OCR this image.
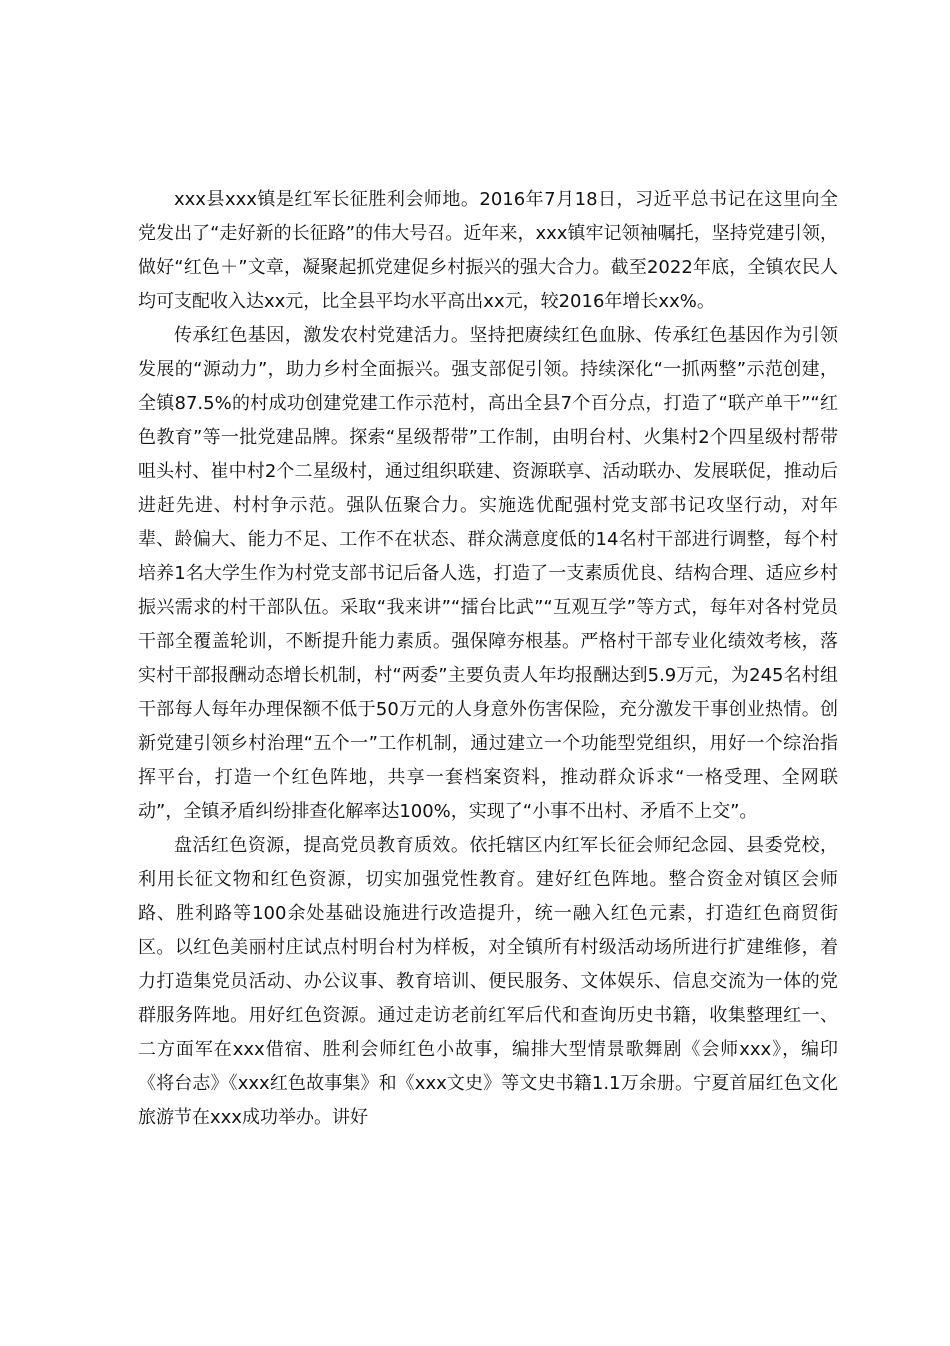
xxx县xxx镇是红军长征胜利会师地。2016年7月18日，习近平总书记在这里向全党发出了“走好新的长征路”的伟大号召。近年来，xxx镇牢记领袖嘱托，坚持党建引领，做好“红色＋”文章，凝聚起抓党建促乡村振兴的强大合力。截至2022年底，全镇农民人均可支配收入达xx元，比全县平均水平高出xx元，较2016年增长xx%。

传承红色基因，激发农村党建活力。坚持把赓续红色血脉、传承红色基因作为引领发展的“源动力”，助力乡村全面振兴。强支部促引领。持续深化“一抓两整”示范创建，全镇87.5%的村成功创建党建工作示范村，高出全县7个百分点，打造了“联产单干”“红色教育”等一批党建品牌。探索“星级帮带”工作制，由明台村、火集村2个四星级村帮带咀头村、崔中村2个二星级村，通过组织联建、资源联享、活动联办、发展联促，推动后进赶先进、村村争示范。强队伍聚合力。实施选优配强村党支部书记攻坚行动，对年辈、龄偏大、能力不足、工作不在状态、群众满意度低的14名村干部进行调整，每个村培养1名大学生作为村党支部书记后备人选，打造了一支素质优良、结构合理、适应乡村振兴需求的村干部队伍。采取“我来讲”“擂台比武”“互观互学”等方式，每年对各村党员干部全覆盖轮训，不断提升能力素质。强保障夯根基。严格村干部专业化绩效考核，落实村干部报酬动态增长机制，村“两委”主要负责人年均报酬达到5.9万元，为245名村组干部每人每年办理保额不低于50万元的人身意外伤害保险，充分激发干事创业热情。创新党建引领乡村治理“五个一”工作机制，通过建立一个功能型党组织，用好一个综治指挥平台，打造一个红色阵地，共享一套档案资料，推动群众诉求“一格受理、全网联动”，全镇矛盾纠纷排查化解率达100%，实现了“小事不出村、矛盾不上交”。

盘活红色资源，提高党员教育质效。依托辖区内红军长征会师纪念园、县委党校，利用长征文物和红色资源，切实加强党性教育。建好红色阵地。整合资金对镇区会师路、胜利路等100余处基础设施进行改造提升，统一融入红色元素，打造红色商贸街区。以红色美丽村庄试点村明台村为样板，对全镇所有村级活动场所进行扩建维修，着力打造集党员活动、办公议事、教育培训、便民服务、文体娱乐、信息交流为一体的党群服务阵地。用好红色资源。通过走访老前红军后代和查询历史书籍，收集整理红一、二方面军在xxx借宿、胜利会师红色小故事，编排大型情景歌舞剧《会师xxx》，编印《将台志》《xxx红色故事集》和《xxx文史》等文史书籍1.1万余册。宁夏首届红色文化旅游节在xxx成功举办。讲好
